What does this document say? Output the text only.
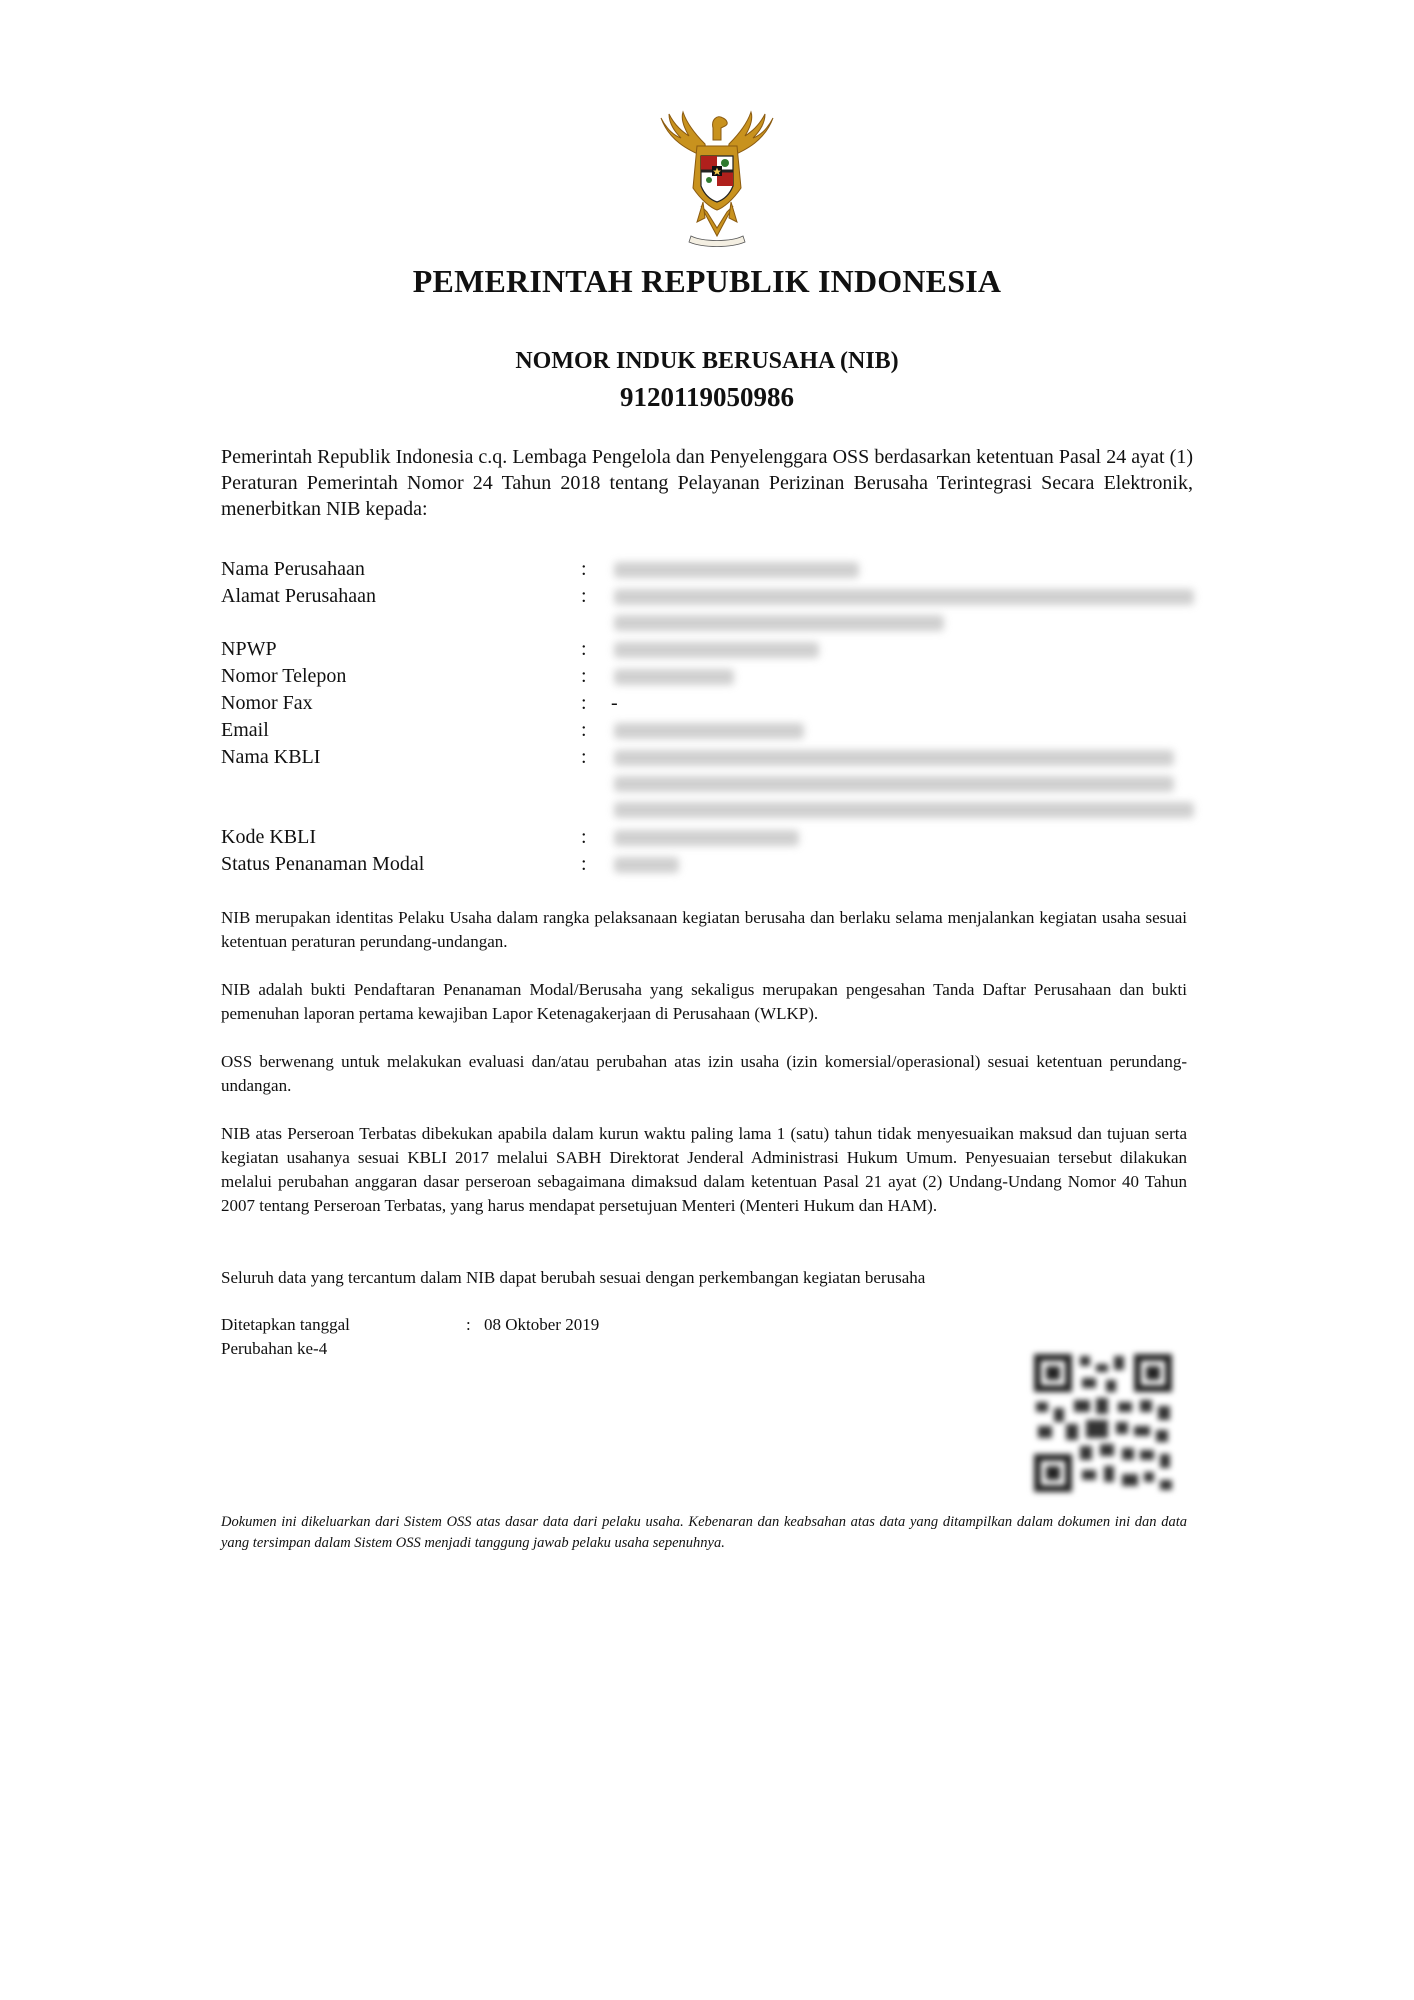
PEMERINTAH REPUBLIK INDONESIA
NOMOR INDUK BERUSAHA (NIB)
9120119050986
Pemerintah Republik Indonesia c.q. Lembaga Pengelola dan Penyelenggara OSS berdasarkan ketentuan Pasal 24 ayat (1) Peraturan Pemerintah Nomor 24 Tahun 2018 tentang Pelayanan Perizinan Berusaha Terintegrasi Secara Elektronik, menerbitkan NIB kepada:
Nama Perusahaan	:
Alamat Perusahaan	:
NPWP	:
Nomor Telepon	:
Nomor Fax	: -
Email	:
Nama KBLI	:
Kode KBLI	:
Status Penanaman Modal	:
NIB merupakan identitas Pelaku Usaha dalam rangka pelaksanaan kegiatan berusaha dan berlaku selama menjalankan kegiatan usaha sesuai ketentuan peraturan perundang-undangan.
NIB adalah bukti Pendaftaran Penanaman Modal/Berusaha yang sekaligus merupakan pengesahan Tanda Daftar Perusahaan dan bukti pemenuhan laporan pertama kewajiban Lapor Ketenagakerjaan di Perusahaan (WLKP).
OSS berwenang untuk melakukan evaluasi dan/atau perubahan atas izin usaha (izin komersial/operasional) sesuai ketentuan perundang-undangan.
NIB atas Perseroan Terbatas dibekukan apabila dalam kurun waktu paling lama 1 (satu) tahun tidak menyesuaikan maksud dan tujuan serta kegiatan usahanya sesuai KBLI 2017 melalui SABH Direktorat Jenderal Administrasi Hukum Umum. Penyesuaian tersebut dilakukan melalui perubahan anggaran dasar perseroan sebagaimana dimaksud dalam ketentuan Pasal 21 ayat (2) Undang-Undang Nomor 40 Tahun 2007 tentang Perseroan Terbatas, yang harus mendapat persetujuan Menteri (Menteri Hukum dan HAM).
Seluruh data yang tercantum dalam NIB dapat berubah sesuai dengan perkembangan kegiatan berusaha
Ditetapkan tanggal	: 08 Oktober 2019
Perubahan ke-4
Dokumen ini dikeluarkan dari Sistem OSS atas dasar data dari pelaku usaha. Kebenaran dan keabsahan atas data yang ditampilkan dalam dokumen ini dan data yang tersimpan dalam Sistem OSS menjadi tanggung jawab pelaku usaha sepenuhnya.
